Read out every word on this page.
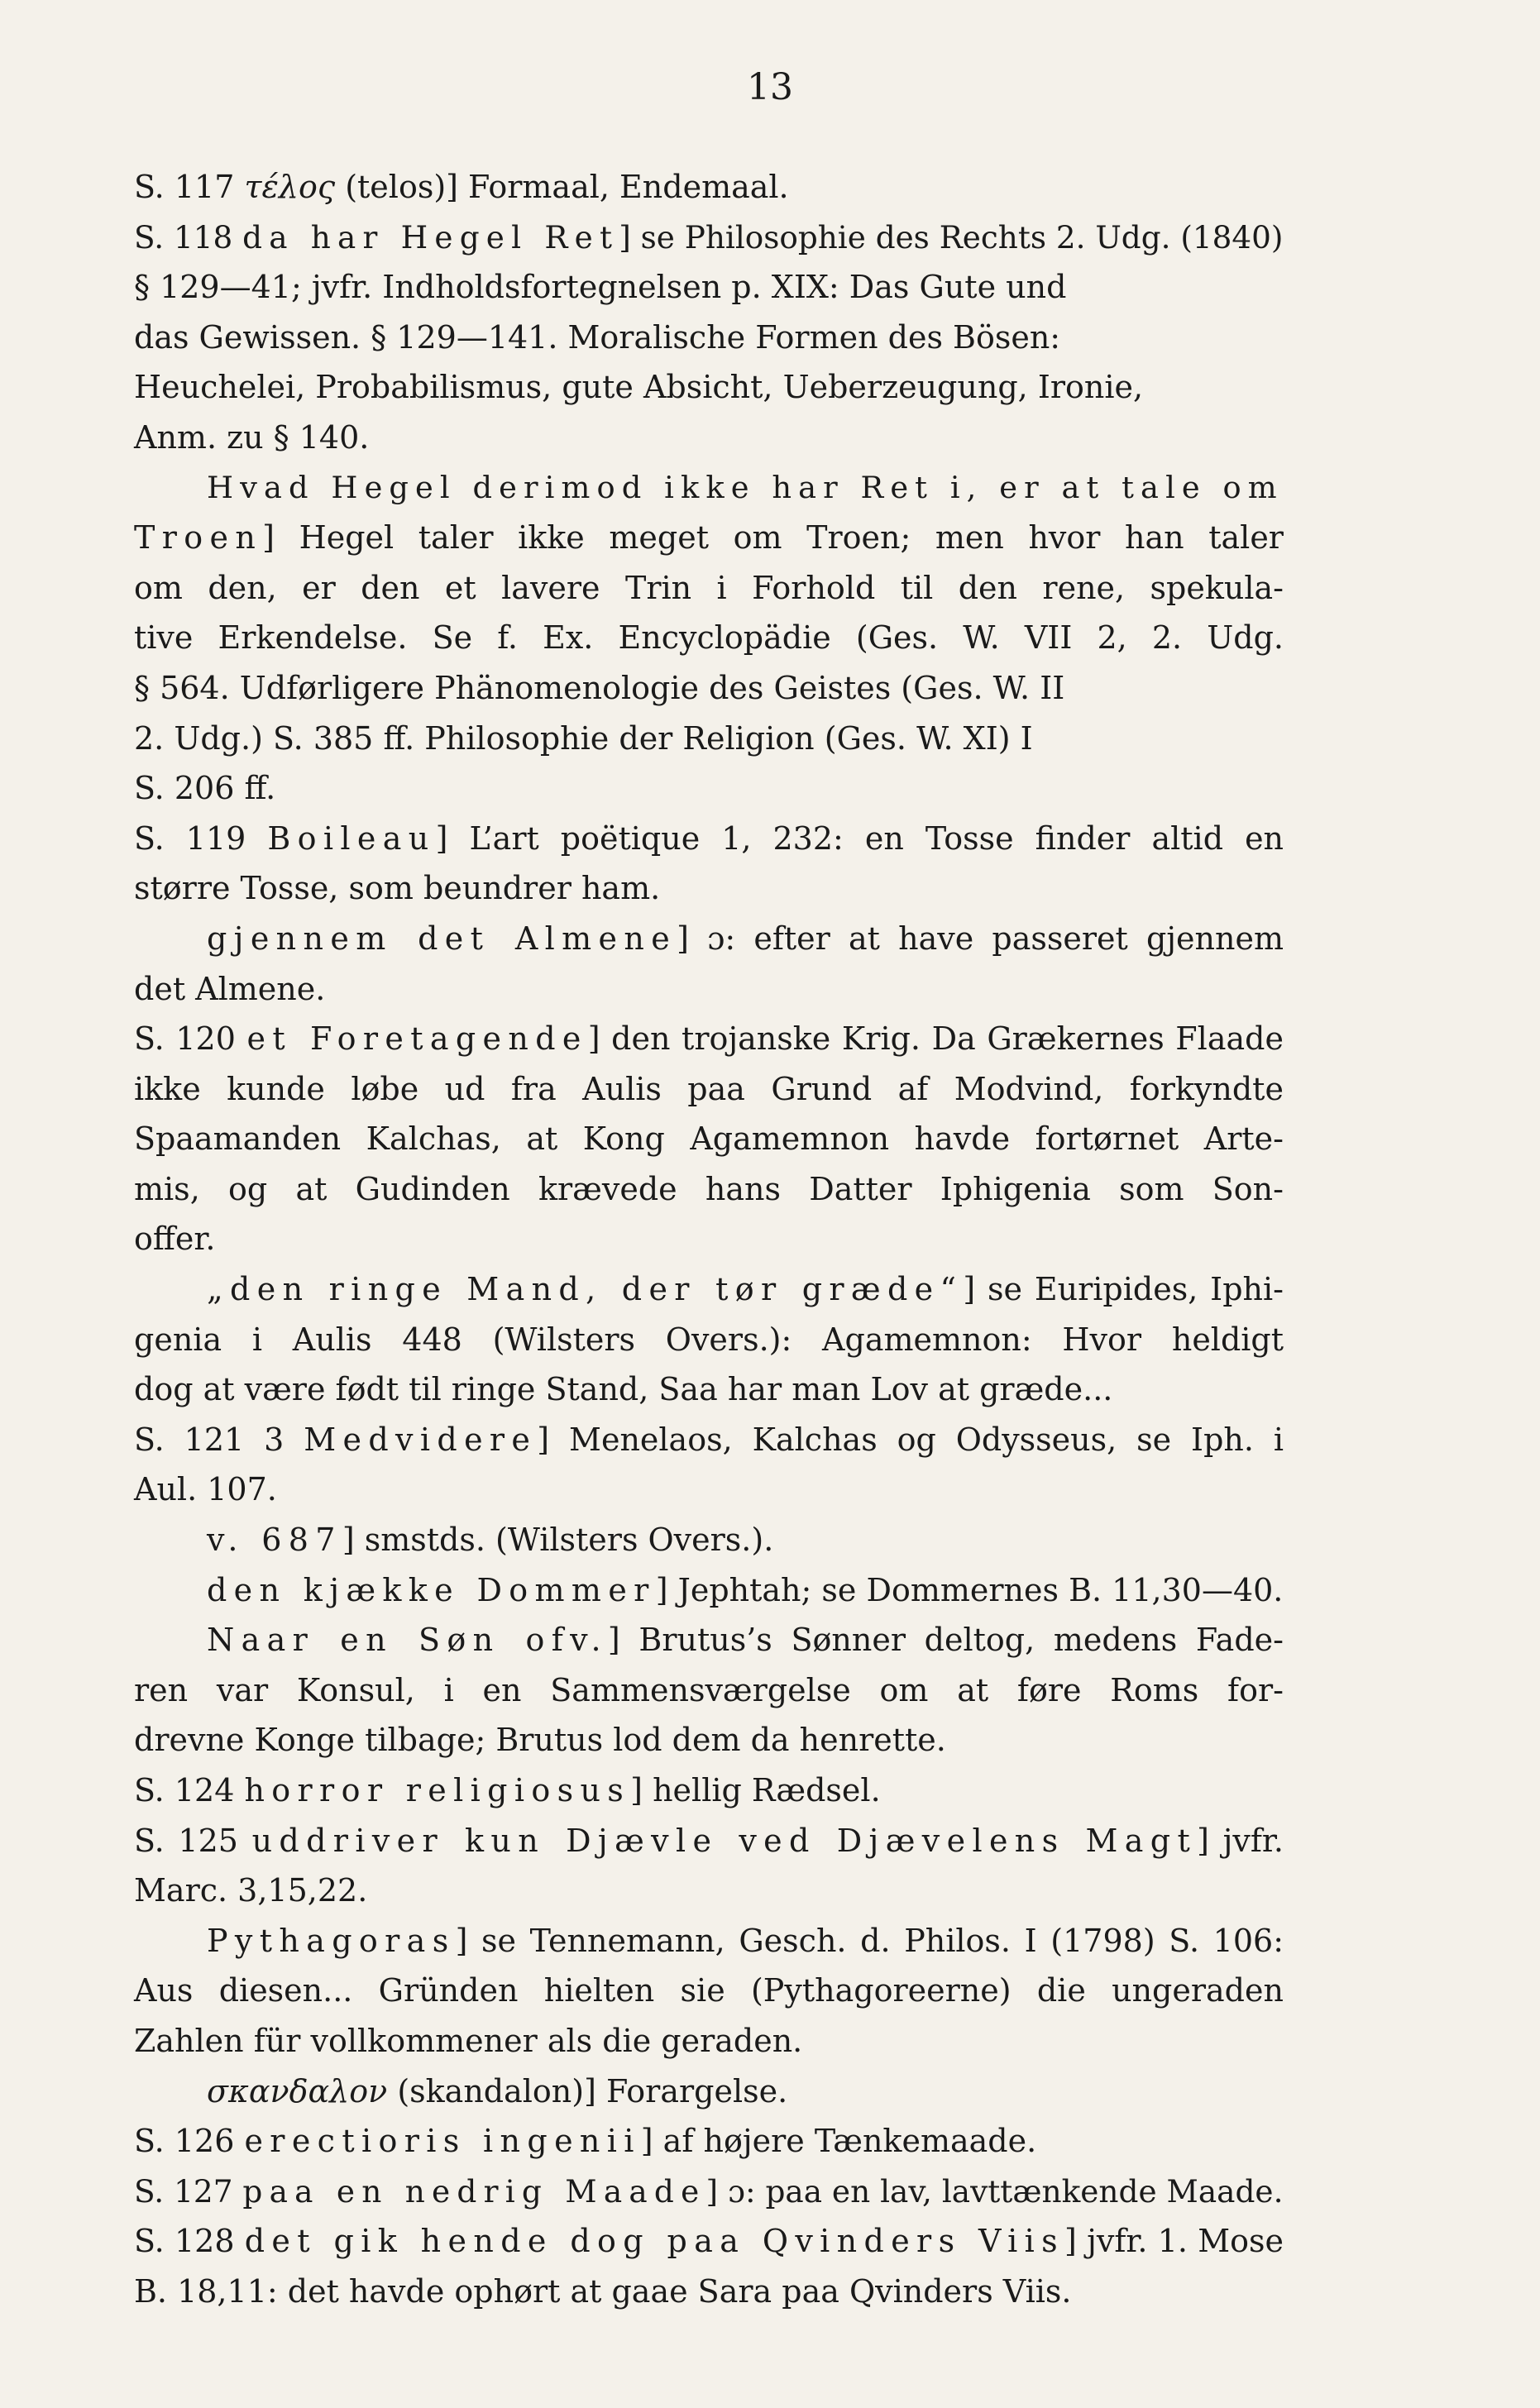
13
S. 117 τέλος (telos)] Formaal, Endemaal.
S. 118 da har Hegel Ret] se Philosophie des Rechts 2. Udg. (1840)
§ 129—41; jvfr. Indholdsfortegnelsen p. XIX: Das Gute und
das Gewissen. § 129—141. Moralische Formen des Bösen:
Heuchelei, Probabilismus, gute Absicht, Ueberzeugung, Ironie,
Anm. zu § 140.
Hvad Hegel derimod ikke har Ret i, er at tale om
Troen] Hegel taler ikke meget om Troen; men hvor han taler
om den, er den et lavere Trin i Forhold til den rene, spekula-
tive Erkendelse. Se f. Ex. Encyclopädie (Ges. W. VII 2, 2. Udg.
§ 564. Udførligere Phänomenologie des Geistes (Ges. W. II
2. Udg.) S. 385 ff. Philosophie der Religion (Ges. W. XI) I
S. 206 ff.
S. 119 Boileau] L’art poëtique 1, 232: en Tosse finder altid en
større Tosse, som beundrer ham.
gjennem det Almene] ɔ: efter at have passeret gjennem
det Almene.
S. 120 et Foretagende] den trojanske Krig. Da Grækernes Flaade
ikke kunde løbe ud fra Aulis paa Grund af Modvind, forkyndte
Spaamanden Kalchas, at Kong Agamemnon havde fortørnet Arte-
mis, og at Gudinden krævede hans Datter Iphigenia som Son-
offer.
„den ringe Mand, der tør græde“] se Euripides, Iphi-
genia i Aulis 448 (Wilsters Overs.): Agamemnon: Hvor heldigt
dog at være født til ringe Stand, Saa har man Lov at græde...
S. 121 3 Medvidere] Menelaos, Kalchas og Odysseus, se Iph. i
Aul. 107.
v. 687] smstds. (Wilsters Overs.).
den kjække Dommer] Jephtah; se Dommernes B. 11,30—40.
Naar en Søn ofv.] Brutus’s Sønner deltog, medens Fade-
ren var Konsul, i en Sammensværgelse om at føre Roms for-
drevne Konge tilbage; Brutus lod dem da henrette.
S. 124 horror religiosus] hellig Rædsel.
S. 125 uddriver kun Djævle ved Djævelens Magt] jvfr.
Marc. 3,15,22.
Pythagoras] se Tennemann, Gesch. d. Philos. I (1798) S. 106:
Aus diesen... Gründen hielten sie (Pythagoreerne) die ungeraden
Zahlen für vollkommener als die geraden.
σκανδαλον (skandalon)] Forargelse.
S. 126 erectioris ingenii] af højere Tænkemaade.
S. 127 paa en nedrig Maade] ɔ: paa en lav, lavttænkende Maade.
S. 128 det gik hende dog paa Qvinders Viis] jvfr. 1. Mose
B. 18,11: det havde ophørt at gaae Sara paa Qvinders Viis.
